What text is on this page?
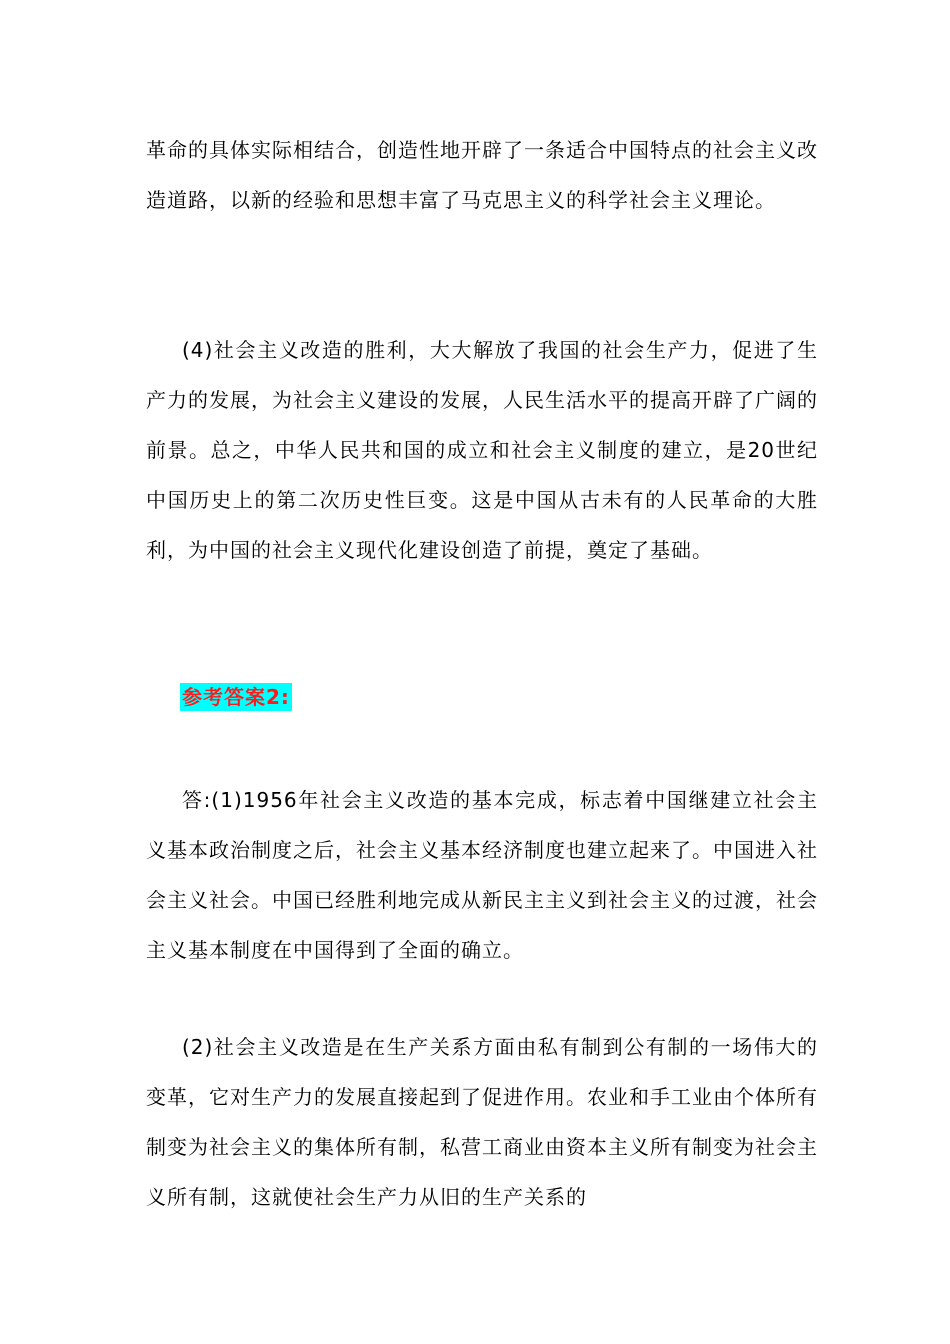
革命的具体实际相结合，创造性地开辟了一条适合中国特点的社会主义改造道路，以新的经验和思想丰富了马克思主义的科学社会主义理论。

(4)社会主义改造的胜利，大大解放了我国的社会生产力，促进了生产力的发展，为社会主义建设的发展，人民生活水平的提高开辟了广阔的前景。总之，中华人民共和国的成立和社会主义制度的建立，是20世纪中国历史上的第二次历史性巨变。这是中国从古未有的人民革命的大胜利，为中国的社会主义现代化建设创造了前提，奠定了基础。

参考答案2:

答:(1)1956年社会主义改造的基本完成，标志着中国继建立社会主义基本政治制度之后，社会主义基本经济制度也建立起来了。中国进入社会主义社会。中国已经胜利地完成从新民主主义到社会主义的过渡，社会主义基本制度在中国得到了全面的确立。

(2)社会主义改造是在生产关系方面由私有制到公有制的一场伟大的变革，它对生产力的发展直接起到了促进作用。农业和手工业由个体所有制变为社会主义的集体所有制，私营工商业由资本主义所有制变为社会主义所有制，这就使社会生产力从旧的生产关系的
